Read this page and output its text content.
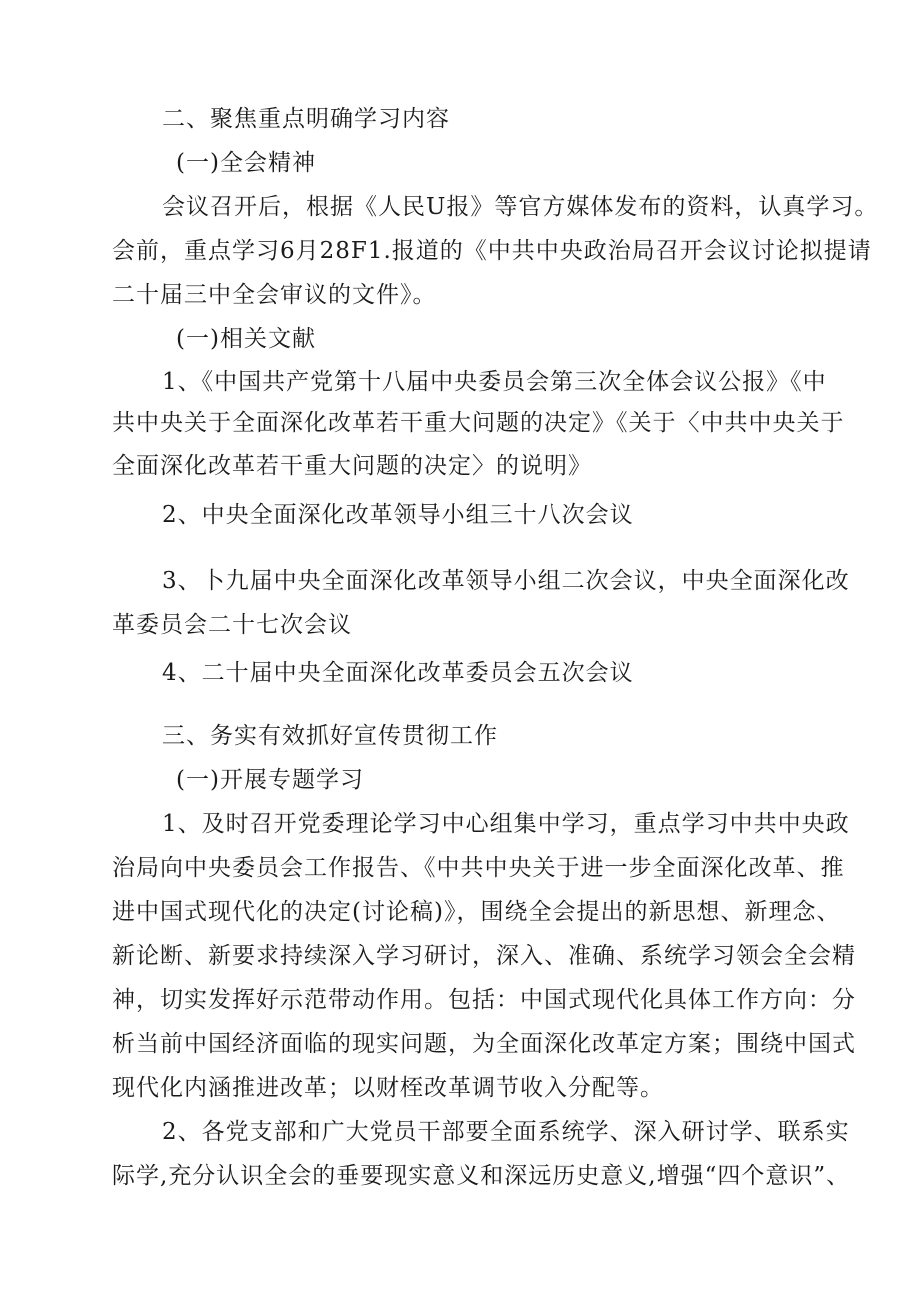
二、聚焦重点明确学习内容
(一)全会精神
会议召开后，根据《人民U报》等官方媒体发布的资料，认真学习。
会前，重点学习6月28F1.报道的《中共中央政治局召开会议讨论拟提请
二十届三中全会审议的文件》。
(一)相关文献
1、《中国共产党第十八届中央委员会第三次全体会议公报》《中
共中央关于全面深化改革若干重大问题的决定》《关于〈中共中央关于
全面深化改革若干重大问题的决定〉的说明》
2、中央全面深化改革领导小组三十八次会议
3、卜九届中央全面深化改革领导小组二次会议，中央全面深化改
革委员会二十七次会议
4、二十届中央全面深化改革委员会五次会议
三、务实有效抓好宣传贯彻工作
(一)开展专题学习
1、及时召开党委理论学习中心组集中学习，重点学习中共中央政
治局向中央委员会工作报告、《中共中央关于进一步全面深化改革、推
进中国式现代化的决定(讨论稿)》，围绕全会提出的新思想、新理念、
新论断、新要求持续深入学习研讨，深入、准确、系统学习领会全会精
神，切实发挥好示范带动作用。包括：中国式现代化具体工作方向：分
析当前中国经济面临的现实问题，为全面深化改革定方案；围绕中国式
现代化内涵推进改革；以财桎改革调节收入分配等。
2、各党支部和广大党员干部要全面系统学、深入研讨学、联系实
际学,充分认识全会的垂要现实意义和深远历史意义,增强“四个意识”、
